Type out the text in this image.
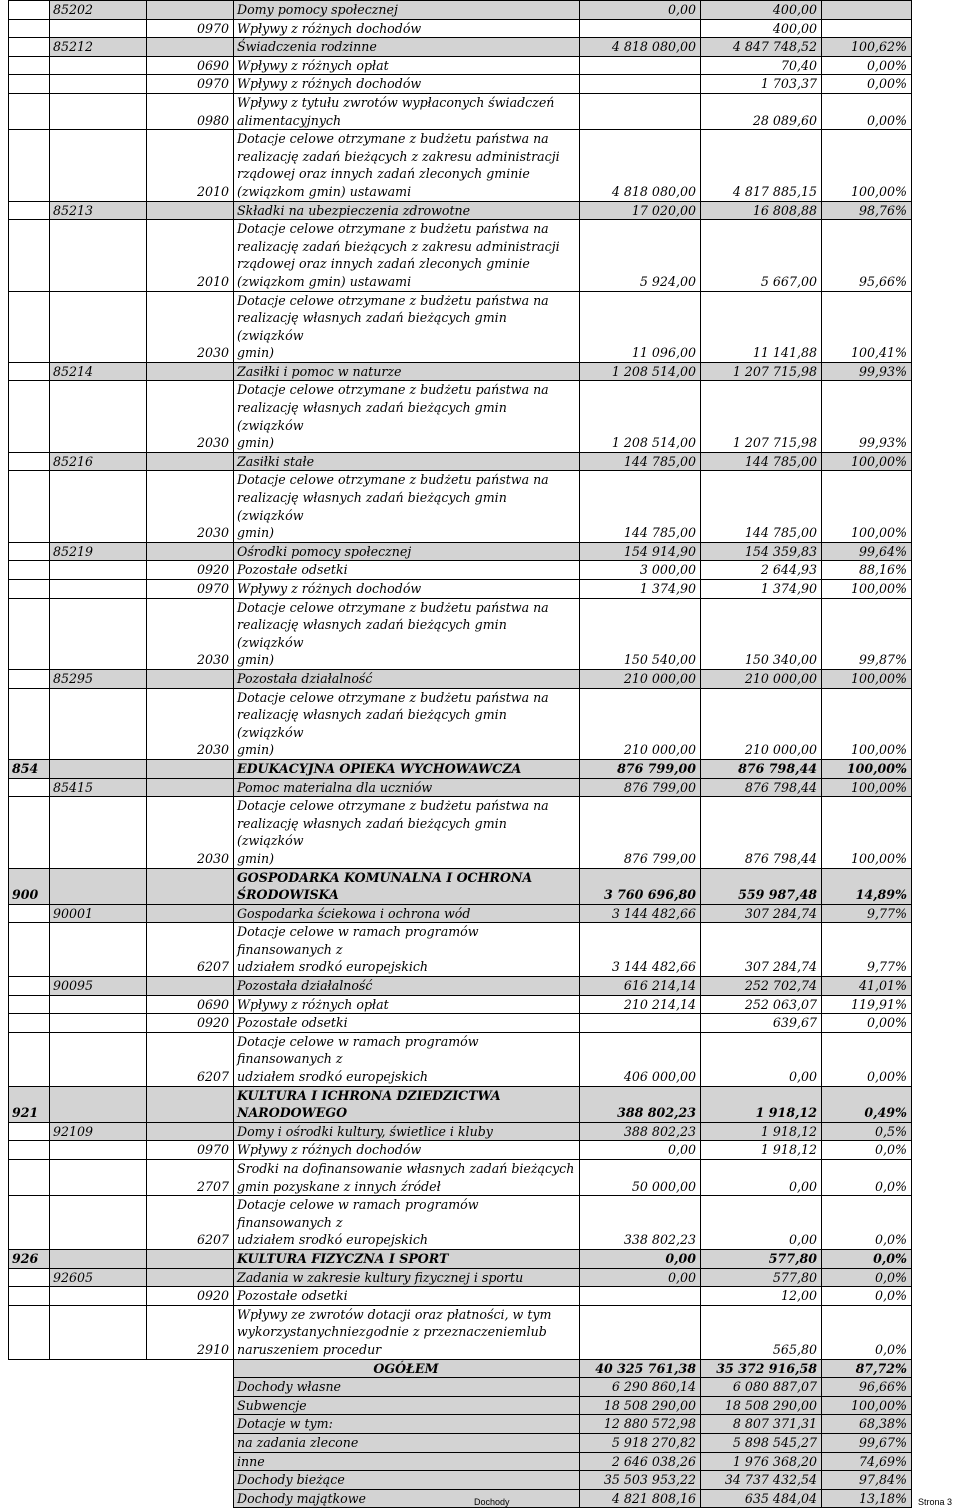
	85202		Domy pomocy społecznej	0,00	400,00	
		0970	Wpływy z różnych dochodów		400,00	
	85212		Świadczenia rodzinne	4 818 080,00	4 847 748,52	100,62%
		0690	Wpływy z różnych opłat		70,40	0,00%
		0970	Wpływy z różnych dochodów		1 703,37	0,00%
		0980	Wpływy z tytułu zwrotów wypłaconych świadczeń
alimentacyjnych		28 089,60	0,00%
		2010	Dotacje celowe otrzymane z budżetu państwa na
realizację zadań bieżących z zakresu administracji
rządowej oraz innych zadań zleconych gminie
(związkom gmin) ustawami	4 818 080,00	4 817 885,15	100,00%
	85213		Składki na ubezpieczenia zdrowotne	17 020,00	16 808,88	98,76%
		2010	Dotacje celowe otrzymane z budżetu państwa na
realizację zadań bieżących z zakresu administracji
rządowej oraz innych zadań zleconych gminie
(związkom gmin) ustawami	5 924,00	5 667,00	95,66%
		2030	Dotacje celowe otrzymane z budżetu państwa na
realizację własnych zadań bieżących gmin (związków
gmin)	11 096,00	11 141,88	100,41%
	85214		Zasiłki i pomoc w naturze	1 208 514,00	1 207 715,98	99,93%
		2030	Dotacje celowe otrzymane z budżetu państwa na
realizację własnych zadań bieżących gmin (związków
gmin)	1 208 514,00	1 207 715,98	99,93%
	85216		Zasiłki stałe	144 785,00	144 785,00	100,00%
		2030	Dotacje celowe otrzymane z budżetu państwa na
realizację własnych zadań bieżących gmin (związków
gmin)	144 785,00	144 785,00	100,00%
	85219		Ośrodki pomocy społecznej	154 914,90	154 359,83	99,64%
		0920	Pozostałe odsetki	3 000,00	2 644,93	88,16%
		0970	Wpływy z różnych dochodów	1 374,90	1 374,90	100,00%
		2030	Dotacje celowe otrzymane z budżetu państwa na
realizację własnych zadań bieżących gmin (związków
gmin)	150 540,00	150 340,00	99,87%
	85295		Pozostała działalność	210 000,00	210 000,00	100,00%
		2030	Dotacje celowe otrzymane z budżetu państwa na
realizację własnych zadań bieżących gmin (związków
gmin)	210 000,00	210 000,00	100,00%
854			EDUKACYJNA OPIEKA WYCHOWAWCZA	876 799,00	876 798,44	100,00%
	85415		Pomoc materialna dla uczniów	876 799,00	876 798,44	100,00%
		2030	Dotacje celowe otrzymane z budżetu państwa na
realizację własnych zadań bieżących gmin (związków
gmin)	876 799,00	876 798,44	100,00%
900			GOSPODARKA KOMUNALNA I OCHRONA
ŚRODOWISKA	3 760 696,80	559 987,48	14,89%
	90001		Gospodarka ściekowa i ochrona wód	3 144 482,66	307 284,74	9,77%
		6207	Dotacje celowe w ramach programów finansowanych z
udziałem srodkó europejskich	3 144 482,66	307 284,74	9,77%
	90095		Pozostała działalność	616 214,14	252 702,74	41,01%
		0690	Wpływy z różnych opłat	210 214,14	252 063,07	119,91%
		0920	Pozostałe odsetki		639,67	0,00%
		6207	Dotacje celowe w ramach programów finansowanych z
udziałem srodkó europejskich	406 000,00	0,00	0,00%
921			KULTURA I ICHRONA DZIEDZICTWA
NARODOWEGO	388 802,23	1 918,12	0,49%
	92109		Domy i ośrodki kultury, świetlice i kluby	388 802,23	1 918,12	0,5%
		0970	Wpływy z różnych dochodów	0,00	1 918,12	0,0%
		2707	Srodki na dofinansowanie własnych zadań bieżących
gmin pozyskane z innych źródeł	50 000,00	0,00	0,0%
		6207	Dotacje celowe w ramach programów finansowanych z
udziałem srodkó europejskich	338 802,23	0,00	0,0%
926			KULTURA FIZYCZNA I SPORT	0,00	577,80	0,0%
	92605		Zadania w zakresie kultury fizycznej i sportu	0,00	577,80	0,0%
		0920	Pozostałe odsetki		12,00	0,0%
		2910	Wpływy ze zwrotów dotacji oraz płatności, w tym
wykorzystanychniezgodnie z przeznaczeniemlub
naruszeniem procedur		565,80	0,0%
			OGÓŁEM	40 325 761,38	35 372 916,58	87,72%
			Dochody własne	6 290 860,14	6 080 887,07	96,66%
			Subwencje	18 508 290,00	18 508 290,00	100,00%
			Dotacje w tym:	12 880 572,98	8 807 371,31	68,38%
			na zadania zlecone	5 918 270,82	5 898 545,27	99,67%
			inne	2 646 038,26	1 976 368,20	74,69%
			Dochody bieżące	35 503 953,22	34 737 432,54	97,84%
			Dochody majątkowe	4 821 808,16	635 484,04	13,18%
Dochody	Strona 3
